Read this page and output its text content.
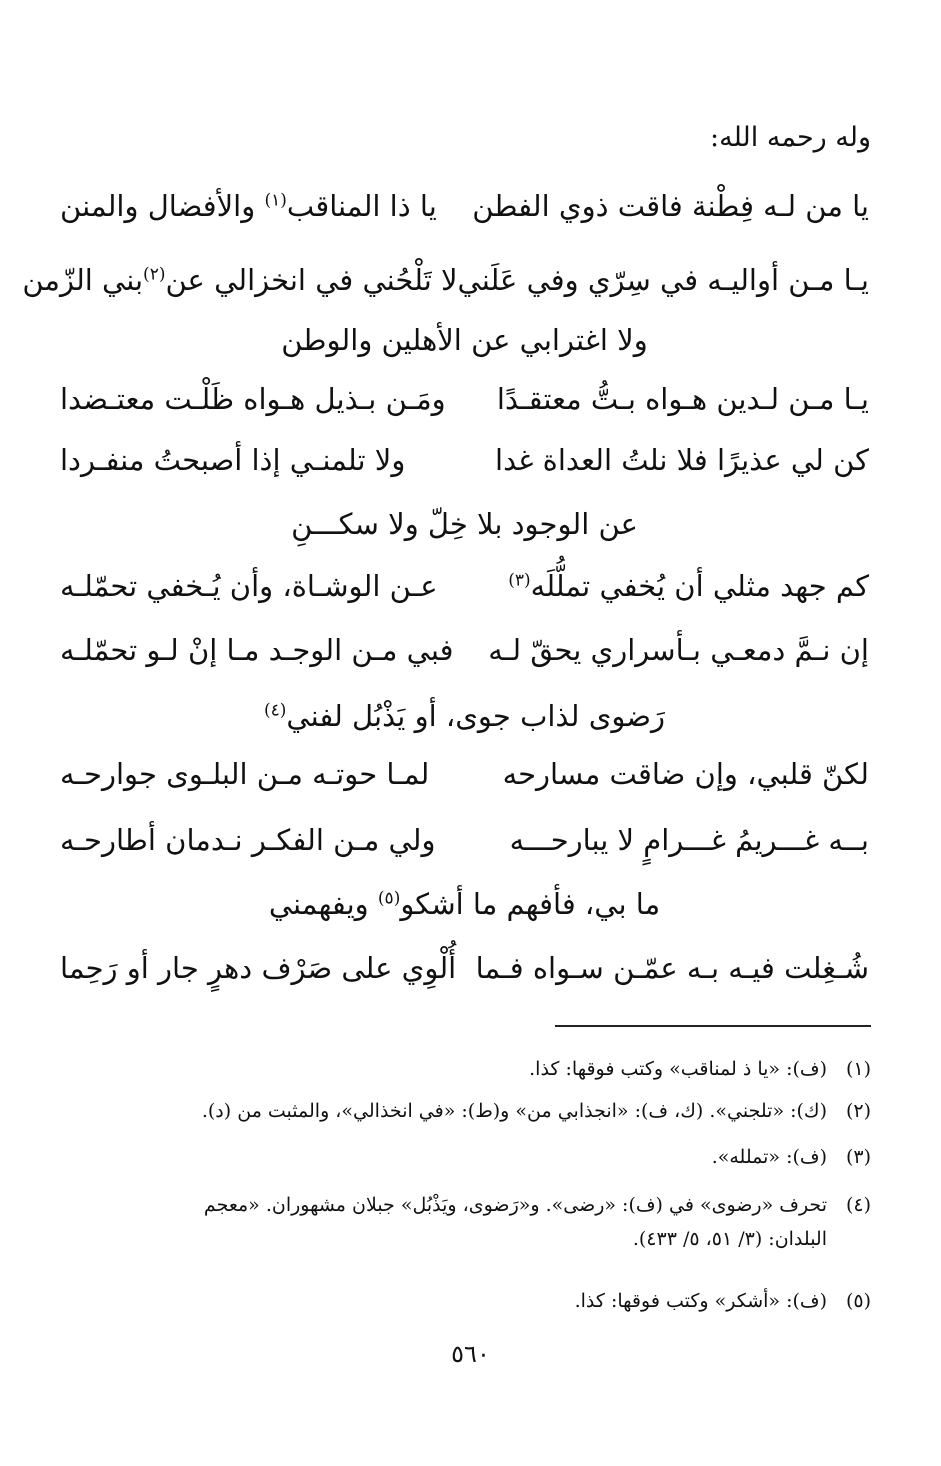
وله رحمه الله:
يا من لـه فِطْنة فاقت ذوي الفطن
يا ذا المناقب$^{(١)}$ والأفضال والمنن
يـا مـن أواليـه في سِرّي وفي عَلَني
لا تَلْحُني في انخزالي عن$^{(٢)}$بني الزّمن
ولا اغترابي عن الأهلين والوطن
يـا مـن لـدين هـواه بـتُّ معتقـدًا
ومَـن بـذيل هـواه ظَلْـت معتـضدا
كن لي عذيرًا فلا نلتُ العداة غدا
ولا تلمنـي إذا أصبحتُ منفـردا
عن الوجود بلا خِلّ ولا سكـــنِ
كم جهد مثلي أن يُخفي تملُّلَه$^{(٣)}$
عـن الوشـاة، وأن يُـخفي تحمّلـه
إن نـمَّ دمعـي بـأسراري يحقّ لـه
فبي مـن الوجـد مـا إنْ لـو تحمّلـه
رَضوى لذاب جوى، أو يَذْبُل لفني$^{(٤)}$
لكنّ قلبي، وإن ضاقت مسارحه
لمـا حوتـه مـن البلـوى جوارحـه
بــه غـــريمُ غـــرامٍ لا يبارحـــه
ولي مـن الفكـر نـدمان أطارحـه
ما بي، فأفهم ما أشكو$^{(٥)}$ ويفهمني
شُـغِلت فيـه بـه عمّـن سـواه فـما
أُلْوِي على صَرْف دهرٍ جار أو رَحِما
(١)(ف): «يا ذ لمناقب» وكتب فوقها: كذا.
(٢)(ك): «تلجني». (ك، ف): «انجذابي من» و(ط): «في انخذالي»، والمثبت من (د).
(٣)(ف): «تملله».
(٤)تحرف «رضوى» في (ف): «رضى». و«رَضوى، ويَذْبُل» جبلان مشهوران. «معجم
البلدان: (٣/ ٥١، ٥/ ٤٣٣).
(٥)(ف): «أشكر» وكتب فوقها: كذا.
٥٦٠
